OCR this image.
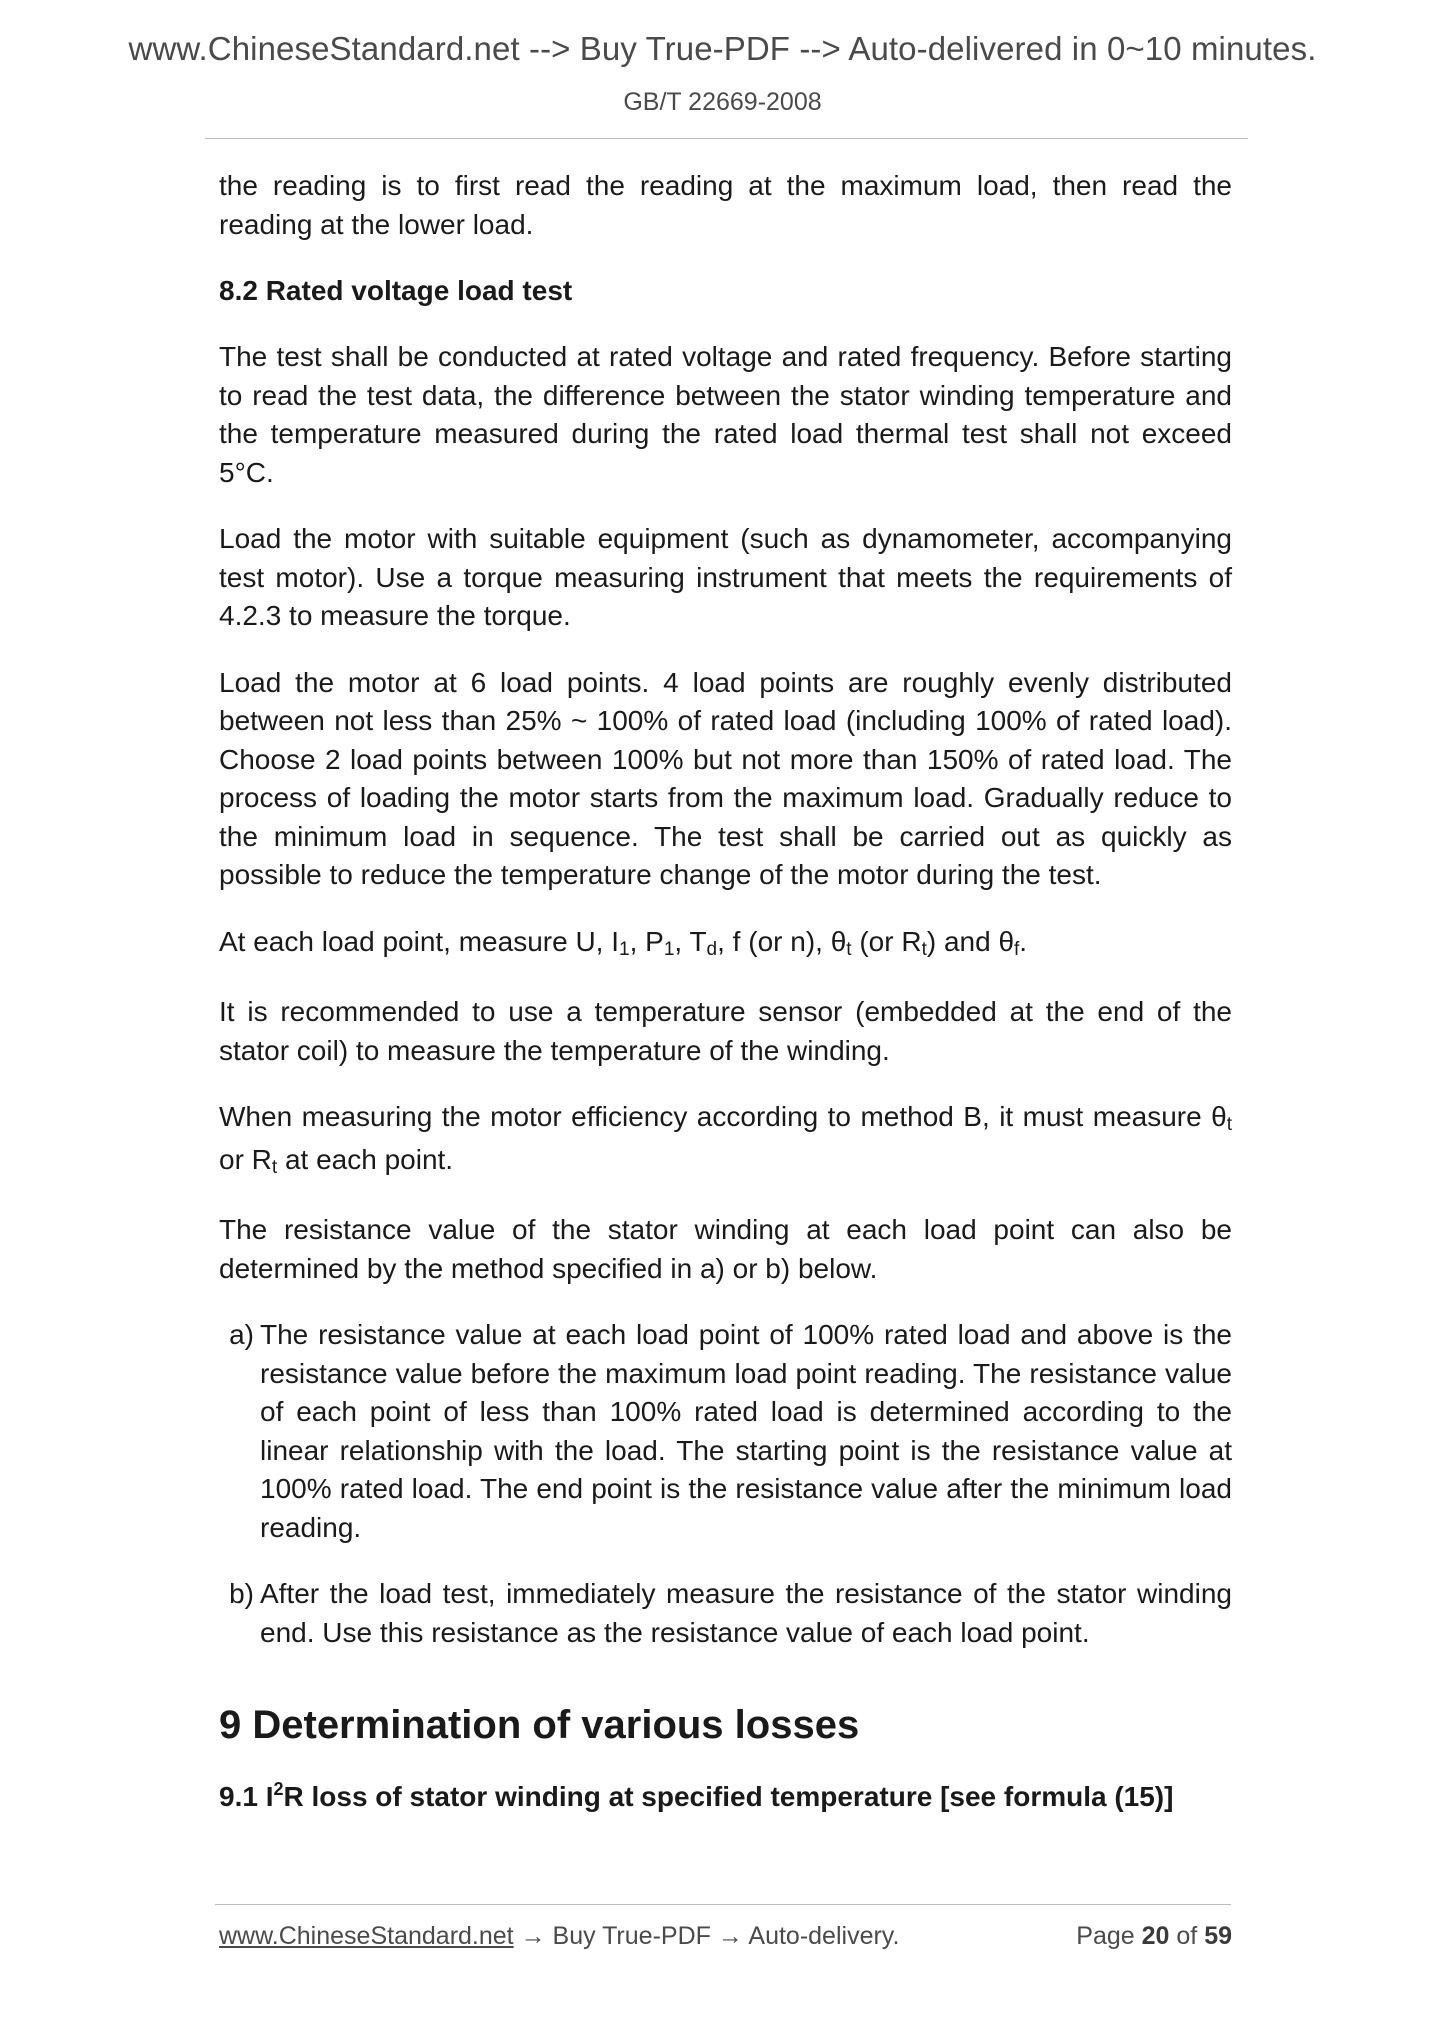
www.ChineseStandard.net --> Buy True-PDF --> Auto-delivered in 0~10 minutes.
GB/T 22669-2008

the reading is to first read the reading at the maximum load, then read the reading at the lower load.

8.2 Rated voltage load test

The test shall be conducted at rated voltage and rated frequency. Before starting to read the test data, the difference between the stator winding temperature and the temperature measured during the rated load thermal test shall not exceed 5°C.

Load the motor with suitable equipment (such as dynamometer, accompanying test motor). Use a torque measuring instrument that meets the requirements of 4.2.3 to measure the torque.

Load the motor at 6 load points. 4 load points are roughly evenly distributed between not less than 25% ~ 100% of rated load (including 100% of rated load). Choose 2 load points between 100% but not more than 150% of rated load. The process of loading the motor starts from the maximum load. Gradually reduce to the minimum load in sequence. The test shall be carried out as quickly as possible to reduce the temperature change of the motor during the test.

At each load point, measure U, $I_1$, $P_1$, $T_d$, f (or n), $\theta_t$ (or $R_t$) and $\theta_f$.

It is recommended to use a temperature sensor (embedded at the end of the stator coil) to measure the temperature of the winding.

When measuring the motor efficiency according to method B, it must measure $\theta_t$ or $R_t$ at each point.

The resistance value of the stator winding at each load point can also be determined by the method specified in a) or b) below.

a) The resistance value at each load point of 100% rated load and above is the resistance value before the maximum load point reading. The resistance value of each point of less than 100% rated load is determined according to the linear relationship with the load. The starting point is the resistance value at 100% rated load. The end point is the resistance value after the minimum load reading.
b) After the load test, immediately measure the resistance of the stator winding end. Use this resistance as the resistance value of each load point.
9 Determination of various losses
9.1 $I^2R$ loss of stator winding at specified temperature [see formula (15)]
www.ChineseStandard.net → Buy True-PDF → Auto-delivery.	Page 20 of 59
